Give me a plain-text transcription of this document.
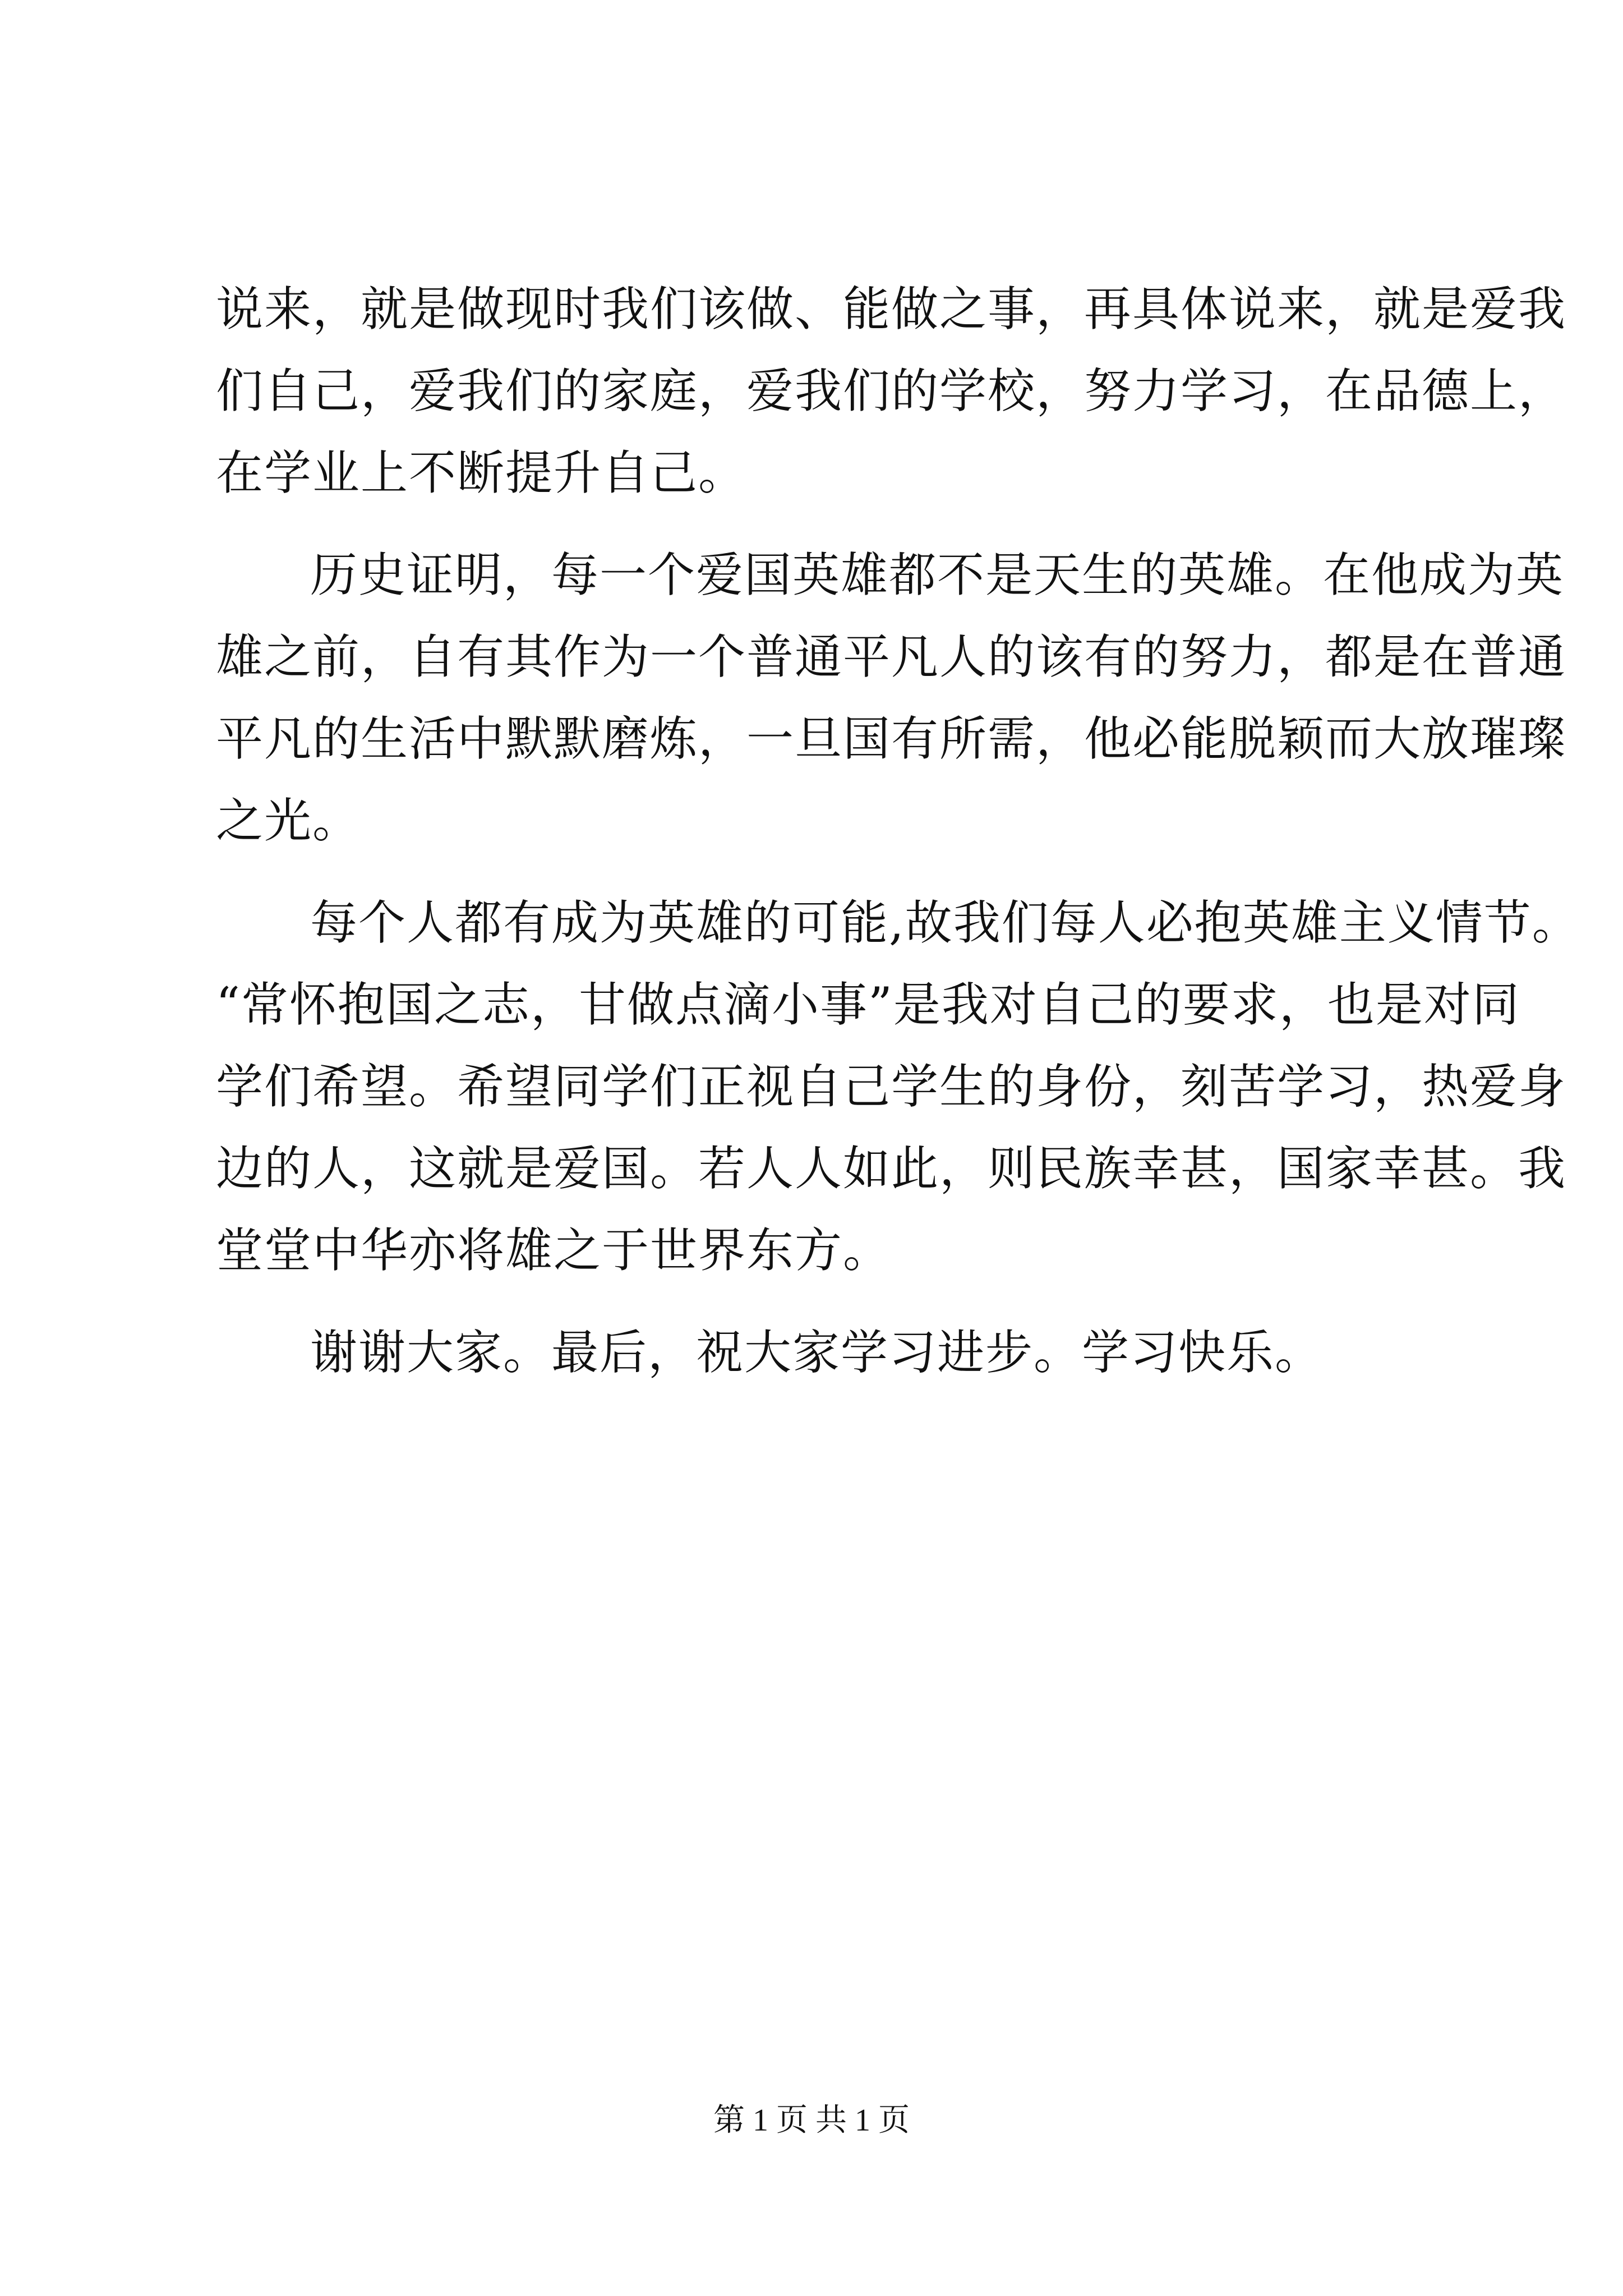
说来，就是做现时我们该做、能做之事，再具体说来，就是爱我
们自己，爱我们的家庭，爱我们的学校，努力学习，在品德上，
在学业上不断提升自己。
历史证明，每一个爱国英雄都不是天生的英雄。在他成为英
雄之前，自有其作为一个普通平凡人的该有的努力，都是在普通
平凡的生活中默默磨炼，一旦国有所需，他必能脱颖而大放璀璨
之光。
每个人都有成为英雄的可能,故我们每人必抱英雄主义情节。
“常怀抱国之志，甘做点滴小事”是我对自己的要求，也是对同
学们希望。希望同学们正视自己学生的身份，刻苦学习，热爱身
边的人，这就是爱国。若人人如此，则民族幸甚，国家幸甚。我
堂堂中华亦将雄之于世界东方。
谢谢大家。最后，祝大家学习进步。学习快乐。
第 1 页 共 1 页
